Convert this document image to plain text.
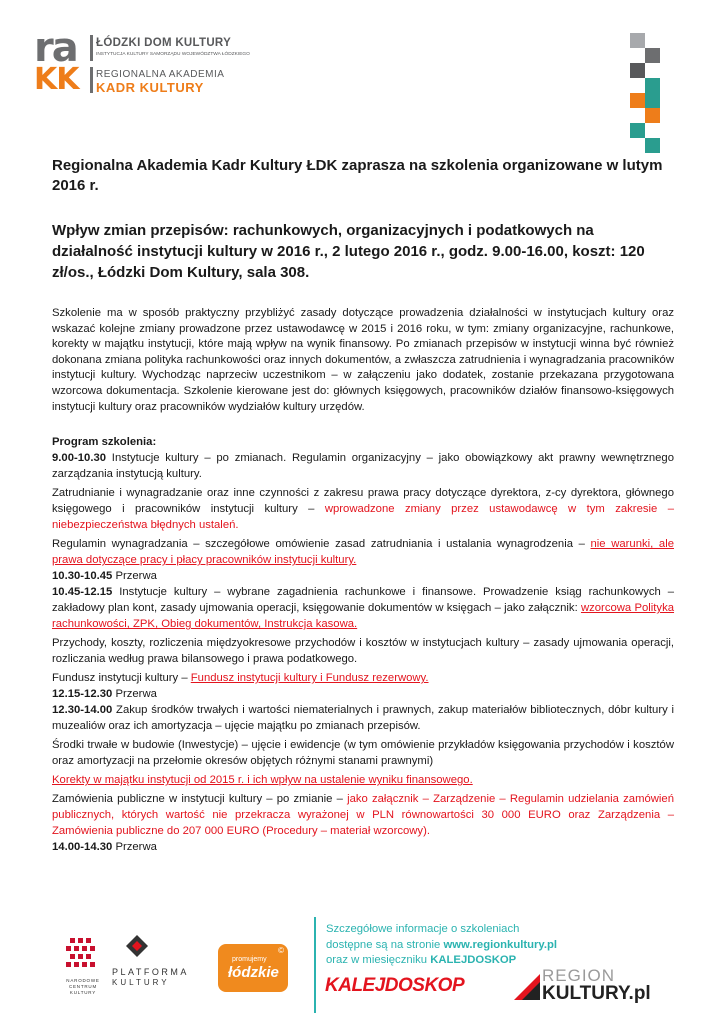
ra
KK
ŁÓDZKI DOM KULTURY
INSTYTUCJA KULTURY SAMORZĄDU WOJEWÓDZTWA ŁÓDZKIEGO
REGIONALNA AKADEMIA
KADR KULTURY
Regionalna Akademia Kadr Kultury ŁDK zaprasza na szkolenia organizowane w lutym 2016 r.
Wpływ zmian przepisów: rachunkowych, organizacyjnych i podatkowych na działalność instytucji kultury w 2016 r., 2 lutego 2016 r., godz. 9.00-16.00, koszt: 120 zł/os., Łódzki Dom Kultury, sala 308.

Szkolenie ma w sposób praktyczny przybliżyć zasady dotyczące prowadzenia działalności w instytucjach kultury oraz wskazać kolejne zmiany prowadzone przez ustawodawcę w 2015 i 2016 roku, w tym: zmiany organizacyjne, rachunkowe, korekty w majątku instytucji, które mają wpływ na wynik finansowy. Po zmianach przepisów w instytucji winna być również dokonana zmiana polityka rachunkowości oraz innych dokumentów, a zwłaszcza zatrudnienia i wynagradzania pracowników instytucji kultury. Wychodząc naprzeciw uczestnikom – w załączeniu jako dodatek, zostanie przekazana przygotowana wzorcowa dokumentacja. Szkolenie kierowane jest do: głównych księgowych, pracowników działów finansowo-księgowych instytucji kultury oraz pracowników wydziałów kultury urzędów.

Program szkolenia:

9.00-10.30 Instytucje kultury – po zmianach. Regulamin organizacyjny – jako obowiązkowy akt prawny wewnętrznego zarządzania instytucją kultury.

Zatrudnianie i wynagradzanie oraz inne czynności z zakresu prawa pracy dotyczące dyrektora, z-cy dyrektora, głównego księgowego i pracowników instytucji kultury – wprowadzone zmiany przez ustawodawcę w tym zakresie – niebezpieczeństwa błędnych ustaleń.

Regulamin wynagradzania – szczegółowe omówienie zasad zatrudniania i ustalania wynagrodzenia – nie warunki, ale prawa dotyczące pracy i płacy pracowników instytucji kultury.

10.30-10.45 Przerwa

10.45-12.15 Instytucje kultury – wybrane zagadnienia rachunkowe i finansowe. Prowadzenie ksiąg rachunkowych – zakładowy plan kont, zasady ujmowania operacji, księgowanie dokumentów w księgach – jako załącznik: wzorcowa Polityka rachunkowości, ZPK, Obieg dokumentów, Instrukcja kasowa.

Przychody, koszty, rozliczenia międzyokresowe przychodów i kosztów w instytucjach kultury – zasady ujmowania operacji, rozliczania według prawa bilansowego i prawa podatkowego.

Fundusz instytucji kultury – Fundusz instytucji kultury i Fundusz rezerwowy.

12.15-12.30 Przerwa

12.30-14.00 Zakup środków trwałych i wartości niematerialnych i prawnych, zakup materiałów bibliotecznych, dóbr kultury i muzealiów oraz ich amortyzacja – ujęcie majątku po zmianach przepisów.

Środki trwałe w budowie (Inwestycje) – ujęcie i ewidencje (w tym omówienie przykładów księgowania przychodów i kosztów oraz amortyzacji na przełomie okresów objętych różnymi stanami prawnymi)

Korekty w majątku instytucji od 2015 r. i ich wpływ na ustalenie wyniku finansowego.

Zamówienia publiczne w instytucji kultury – po zmianie – jako załącznik – Zarządzenie – Regulamin udzielania zamówień publicznych, których wartość nie przekracza wyrażonej w PLN równowartości 30 000 EURO oraz Zarządzenia – Zamówienia publiczne do 207 000 EURO (Procedury – materiał wzorcowy).

14.00-14.30 Przerwa

Szczegółowe informacje o szkoleniach
dostępne są na stronie www.regionkultury.pl
oraz w miesięczniku KALEJDOSKOP
NARODOWE CENTRUM KULTURY
PLATFORMA
KULTURY
©
promujemy
łódzkie
KALEJDOSKOP	REGION
KULTURY.pl
